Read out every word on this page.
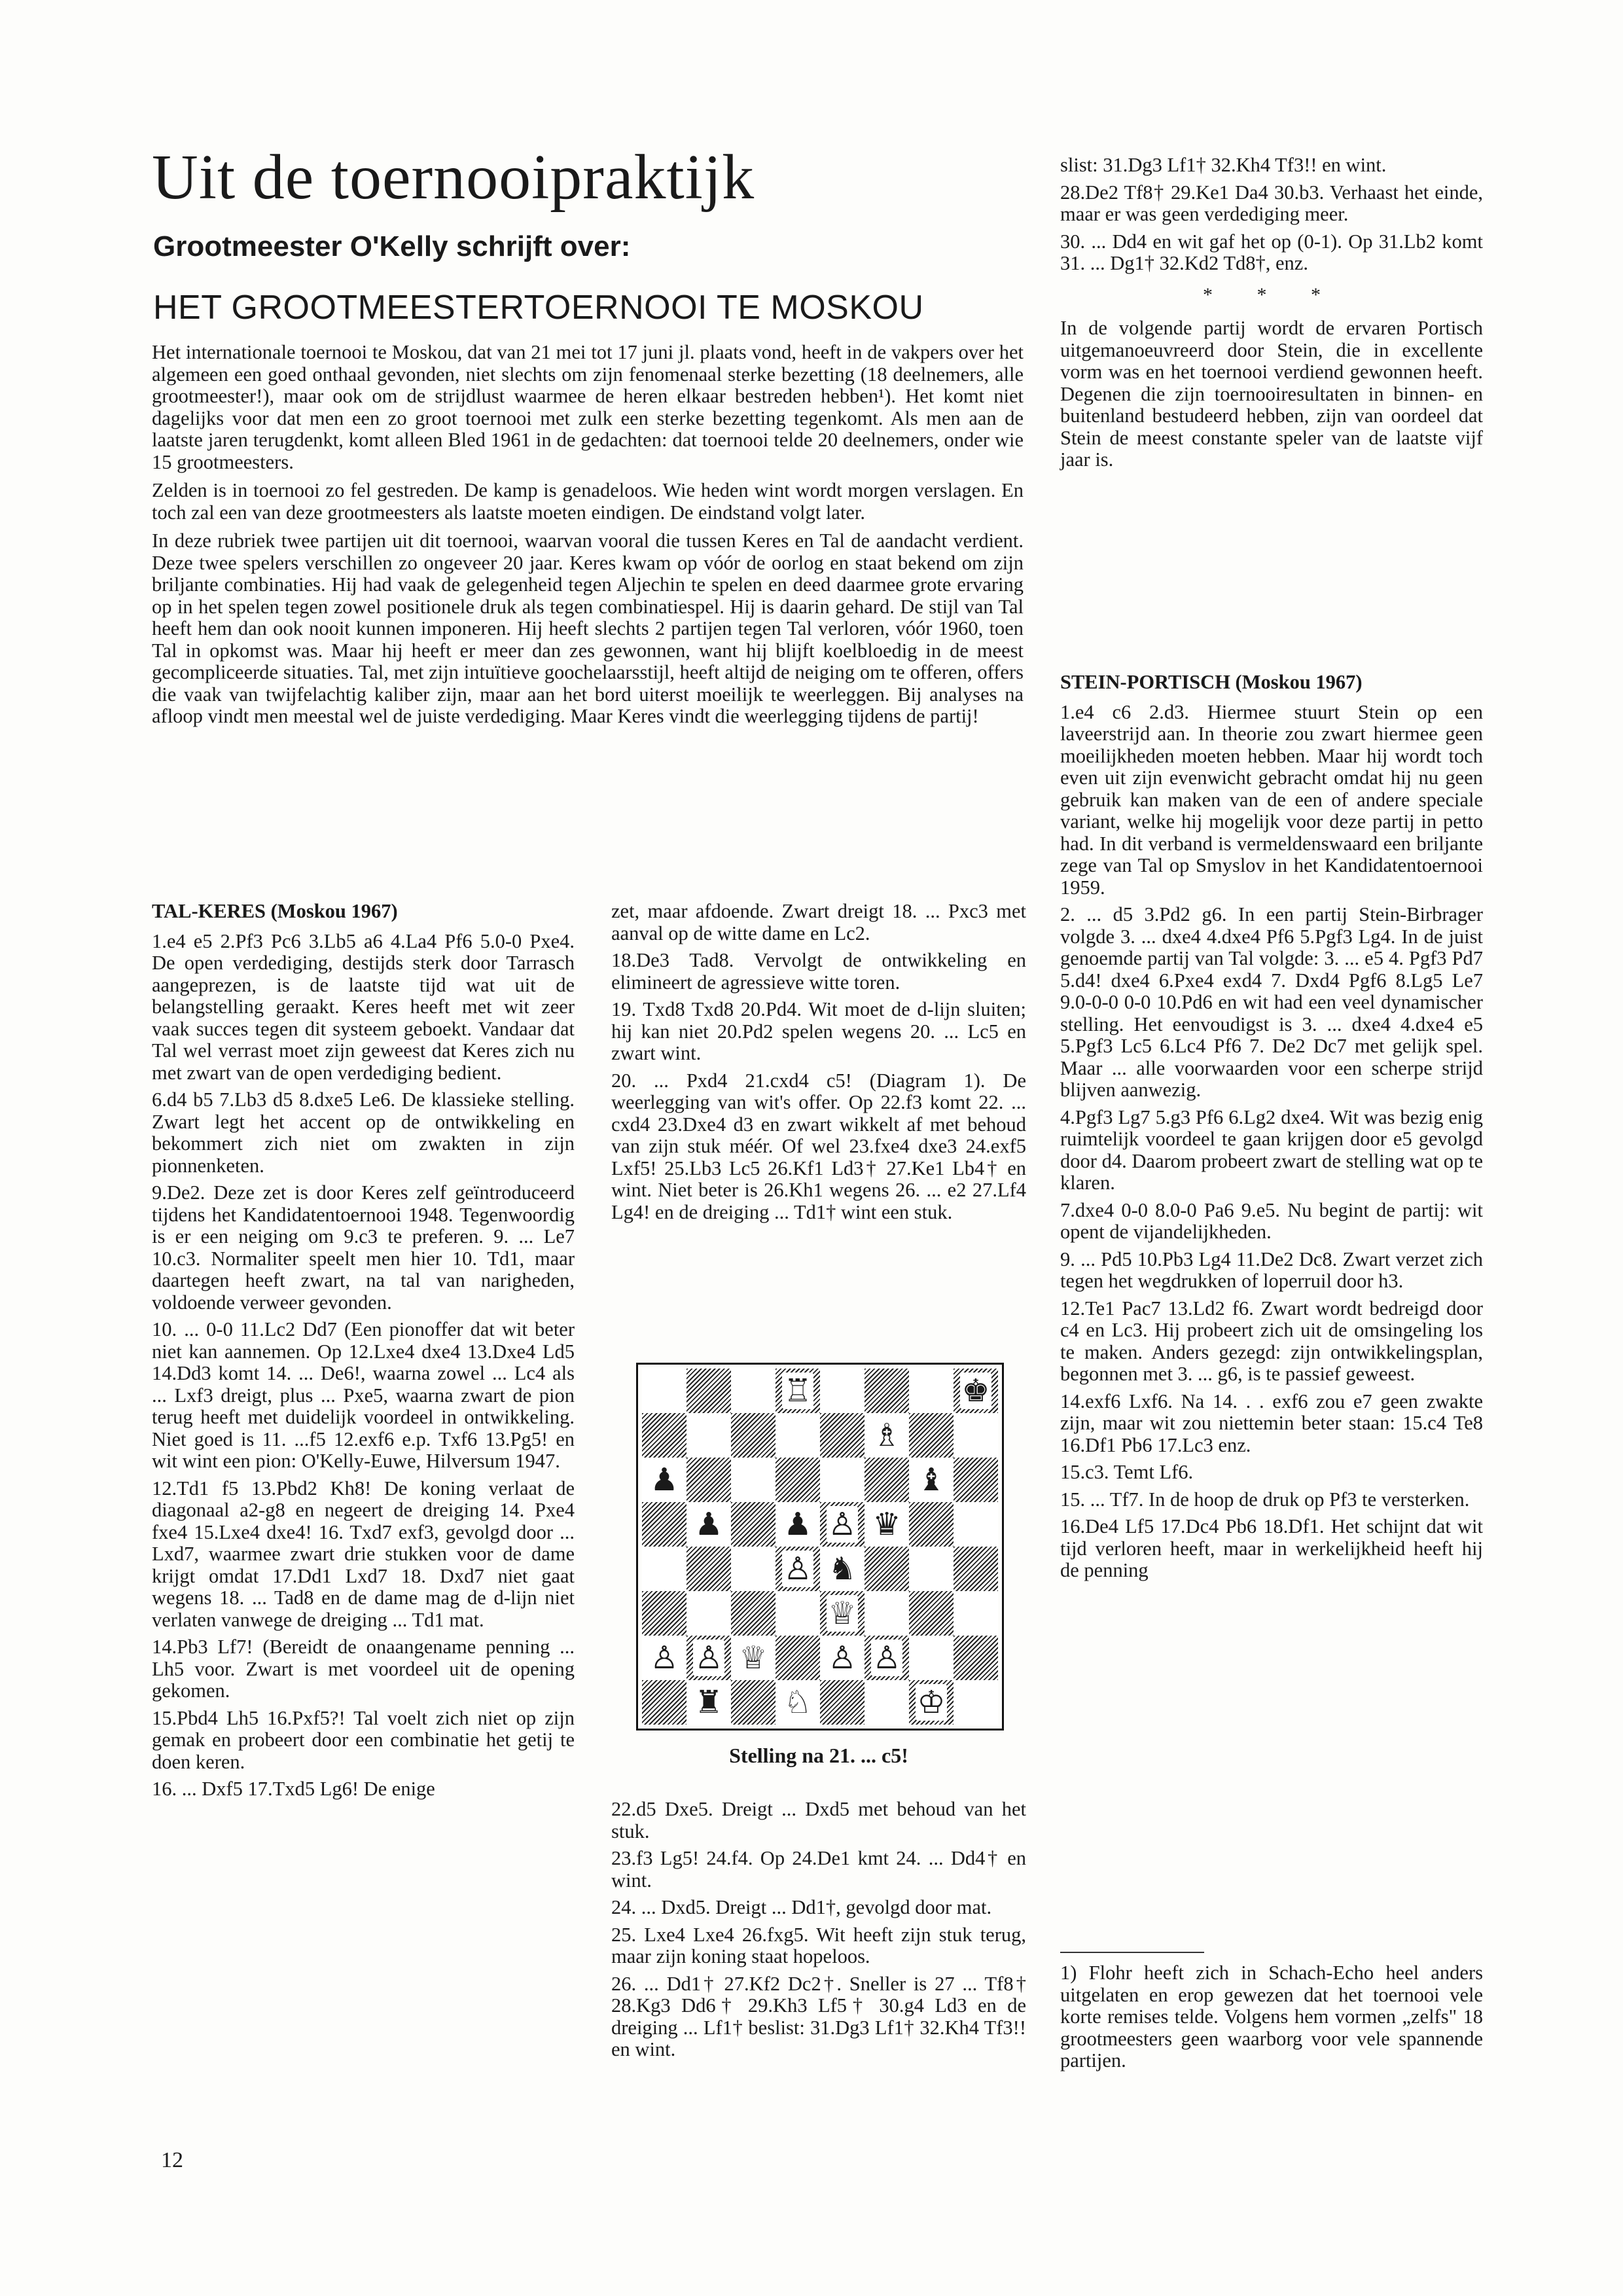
Uit de toernooipraktijk
Grootmeester O'Kelly schrijft over:
HET GROOTMEESTERTOERNOOI TE MOSKOU

Het internationale toernooi te Moskou, dat van 21 mei tot 17 juni jl. plaats vond, heeft in de vakpers over het algemeen een goed onthaal gevonden, niet slechts om zijn fenomenaal sterke bezetting (18 deelnemers, alle grootmeester!), maar ook om de strijdlust waarmee de heren elkaar bestreden hebben¹). Het komt niet dagelijks voor dat men een zo groot toernooi met zulk een sterke bezetting tegenkomt. Als men aan de laatste jaren terugdenkt, komt alleen Bled 1961 in de gedachten: dat toernooi telde 20 deelnemers, onder wie 15 grootmeesters.

Zelden is in toernooi zo fel gestreden. De kamp is genadeloos. Wie heden wint wordt morgen verslagen. En toch zal een van deze grootmeesters als laatste moeten eindigen. De eindstand volgt later.

In deze rubriek twee partijen uit dit toernooi, waarvan vooral die tussen Keres en Tal de aandacht verdient. Deze twee spelers verschillen zo ongeveer 20 jaar. Keres kwam op vóór de oorlog en staat bekend om zijn briljante combinaties. Hij had vaak de gelegenheid tegen Aljechin te spelen en deed daarmee grote ervaring op in het spelen tegen zowel positionele druk als tegen combinatiespel. Hij is daarin gehard. De stijl van Tal heeft hem dan ook nooit kunnen imponeren. Hij heeft slechts 2 partijen tegen Tal verloren, vóór 1960, toen Tal in opkomst was. Maar hij heeft er meer dan zes gewonnen, want hij blijft koelbloedig in de meest gecompliceerde situaties. Tal, met zijn intuïtieve goochelaarsstijl, heeft altijd de neiging om te offeren, offers die vaak van twijfelachtig kaliber zijn, maar aan het bord uiterst moeilijk te weerleggen. Bij analyses na afloop vindt men meestal wel de juiste verdediging. Maar Keres vindt die weerlegging tijdens de partij!

TAL-KERES (Moskou 1967)

1.e4 e5 2.Pf3 Pc6 3.Lb5 a6 4.La4 Pf6 5.0-0 Pxe4. De open verdediging, destijds sterk door Tarrasch aangeprezen, is de laatste tijd wat uit de belangstelling geraakt. Keres heeft met wit zeer vaak succes tegen dit systeem geboekt. Vandaar dat Tal wel verrast moet zijn geweest dat Keres zich nu met zwart van de open verdediging bedient.

6.d4 b5 7.Lb3 d5 8.dxe5 Le6. De klassieke stelling. Zwart legt het accent op de ontwikkeling en bekommert zich niet om zwakten in zijn pionnenketen.

9.De2. Deze zet is door Keres zelf geïntroduceerd tijdens het Kandidatentoernooi 1948. Tegenwoordig is er een neiging om 9.c3 te preferen. 9. ... Le7 10.c3. Normaliter speelt men hier 10. Td1, maar daartegen heeft zwart, na tal van narigheden, voldoende verweer gevonden.

10. ... 0-0 11.Lc2 Dd7 (Een pionoffer dat wit beter niet kan aannemen. Op 12.Lxe4 dxe4 13.Dxe4 Ld5 14.Dd3 komt 14. ... De6!, waarna zowel ... Lc4 als ... Lxf3 dreigt, plus ... Pxe5, waarna zwart de pion terug heeft met duidelijk voordeel in ontwikkeling. Niet goed is 11. ...f5 12.exf6 e.p. Txf6 13.Pg5! en wit wint een pion: O'Kelly-Euwe, Hilversum 1947.

12.Td1 f5 13.Pbd2 Kh8! De koning verlaat de diagonaal a2-g8 en negeert de dreiging 14. Pxe4 fxe4 15.Lxe4 dxe4! 16. Txd7 exf3, gevolgd door ... Lxd7, waarmee zwart drie stukken voor de dame krijgt omdat 17.Dd1 Lxd7 18. Dxd7 niet gaat wegens 18. ... Tad8 en de dame mag de d-lijn niet verlaten vanwege de dreiging ... Td1 mat.

14.Pb3 Lf7! (Bereidt de onaangename penning ... Lh5 voor. Zwart is met voordeel uit de opening gekomen.

15.Pbd4 Lh5 16.Pxf5?! Tal voelt zich niet op zijn gemak en probeert door een combinatie het getij te doen keren.

16. ... Dxf5 17.Txd5 Lg6! De enige

zet, maar afdoende. Zwart dreigt 18. ... Pxc3 met aanval op de witte dame en Lc2.

18.De3 Tad8. Vervolgt de ontwikkeling en elimineert de agressieve witte toren.

19. Txd8 Txd8 20.Pd4. Wit moet de d-lijn sluiten; hij kan niet 20.Pd2 spelen wegens 20. ... Lc5 en zwart wint.

20. ... Pxd4 21.cxd4 c5! (Diagram 1). De weerlegging van wit's offer. Op 22.f3 komt 22. ... cxd4 23.Dxe4 d3 en zwart wikkelt af met behoud van zijn stuk méér. Of wel 23.fxe4 dxe3 24.exf5 Lxf5! 25.Lb3 Lc5 26.Kf1 Ld3† 27.Ke1 Lb4† en wint. Niet beter is 26.Kh1 wegens 26. ... e2 27.Lf4 Lg4! en de dreiging ... Td1† wint een stuk.

♖	♚
♗
♟	♝
♟ ♟ ♙ ♛
♙ ♞
♕
♙ ♙ ♕ ♙ ♙
♜ ♘	♔
Stelling na 21. ... c5!

22.d5 Dxe5. Dreigt ... Dxd5 met behoud van het stuk.

23.f3 Lg5! 24.f4. Op 24.De1 kmt 24. ... Dd4† en wint.

24. ... Dxd5. Dreigt ... Dd1†, gevolgd door mat.

25. Lxe4 Lxe4 26.fxg5. Wit heeft zijn stuk terug, maar zijn koning staat hopeloos.

26. ... Dd1† 27.Kf2 Dc2†. Sneller is 27 ... Tf8† 28.Kg3 Dd6† 29.Kh3 Lf5† 30.g4 Ld3 en de dreiging ... Lf1† beslist: 31.Dg3 Lf1† 32.Kh4 Tf3!! en wint.

slist: 31.Dg3 Lf1† 32.Kh4 Tf3!! en wint.

28.De2 Tf8† 29.Ke1 Da4 30.b3. Verhaast het einde, maar er was geen verdediging meer.

30. ... Dd4 en wit gaf het op (0-1). Op 31.Lb2 komt 31. ... Dg1† 32.Kd2 Td8†, enz.

* * *

In de volgende partij wordt de ervaren Portisch uitgemanoeuvreerd door Stein, die in excellente vorm was en het toernooi verdiend gewonnen heeft. Degenen die zijn toernooiresultaten in binnen- en buitenland bestudeerd hebben, zijn van oordeel dat Stein de meest constante speler van de laatste vijf jaar is.

STEIN-PORTISCH (Moskou 1967)

1.e4 c6 2.d3. Hiermee stuurt Stein op een laveerstrijd aan. In theorie zou zwart hiermee geen moeilijkheden moeten hebben. Maar hij wordt toch even uit zijn evenwicht gebracht omdat hij nu geen gebruik kan maken van de een of andere speciale variant, welke hij mogelijk voor deze partij in petto had. In dit verband is vermeldenswaard een briljante zege van Tal op Smyslov in het Kandidatentoernooi 1959.

2. ... d5 3.Pd2 g6. In een partij Stein-Birbrager volgde 3. ... dxe4 4.dxe4 Pf6 5.Pgf3 Lg4. In de juist genoemde partij van Tal volgde: 3. ... e5 4. Pgf3 Pd7 5.d4! dxe4 6.Pxe4 exd4 7. Dxd4 Pgf6 8.Lg5 Le7 9.0-0-0 0-0 10.Pd6 en wit had een veel dynamischer stelling. Het eenvoudigst is 3. ... dxe4 4.dxe4 e5 5.Pgf3 Lc5 6.Lc4 Pf6 7. De2 Dc7 met gelijk spel. Maar ... alle voorwaarden voor een scherpe strijd blijven aanwezig.

4.Pgf3 Lg7 5.g3 Pf6 6.Lg2 dxe4. Wit was bezig enig ruimtelijk voordeel te gaan krijgen door e5 gevolgd door d4. Daarom probeert zwart de stelling wat op te klaren.

7.dxe4 0-0 8.0-0 Pa6 9.e5. Nu begint de partij: wit opent de vijandelijkheden.

9. ... Pd5 10.Pb3 Lg4 11.De2 Dc8. Zwart verzet zich tegen het wegdrukken of loperruil door h3.

12.Te1 Pac7 13.Ld2 f6. Zwart wordt bedreigd door c4 en Lc3. Hij probeert zich uit de omsingeling los te maken. Anders gezegd: zijn ontwikkelingsplan, begonnen met 3. ... g6, is te passief geweest.

14.exf6 Lxf6. Na 14. . . exf6 zou e7 geen zwakte zijn, maar wit zou niettemin beter staan: 15.c4 Te8 16.Df1 Pb6 17.Lc3 enz.

15.c3. Temt Lf6.

15. ... Tf7. In de hoop de druk op Pf3 te versterken.

16.De4 Lf5 17.Dc4 Pb6 18.Df1. Het schijnt dat wit tijd verloren heeft, maar in werkelijkheid heeft hij de penning

1) Flohr heeft zich in Schach-Echo heel anders uitgelaten en erop gewezen dat het toernooi vele korte remises telde. Volgens hem vormen „zelfs" 18 grootmeesters geen waarborg voor vele spannende partijen.
12
